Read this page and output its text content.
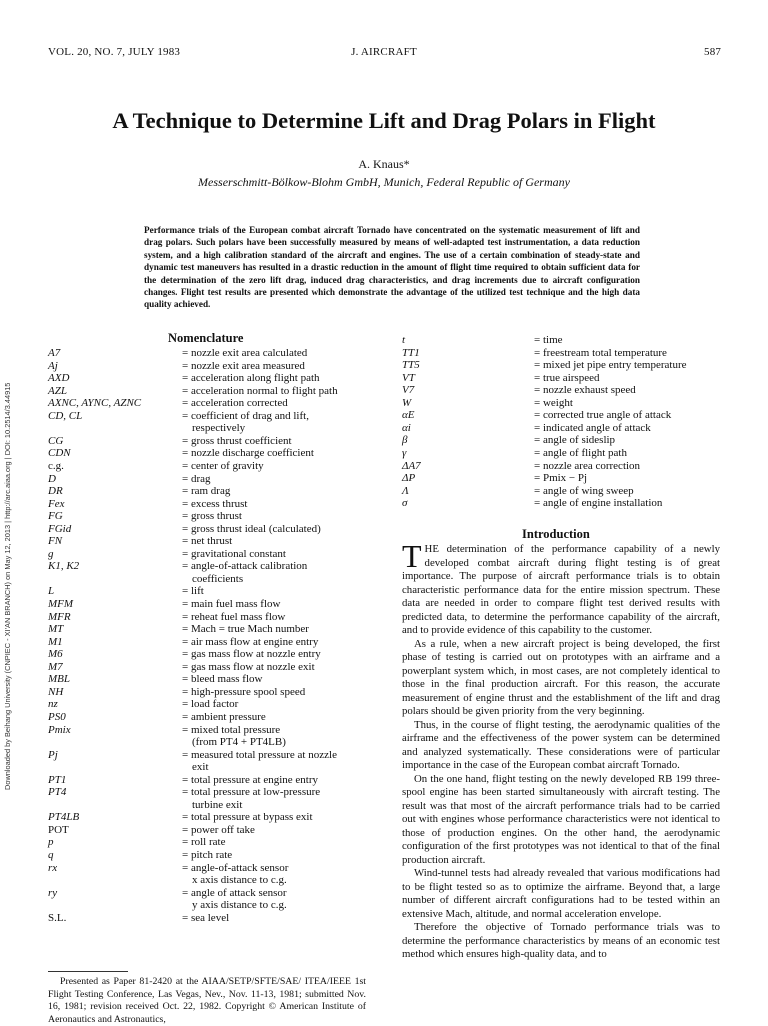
VOL. 20, NO. 7, JULY 1983	J. AIRCRAFT	587
A Technique to Determine Lift and Drag Polars in Flight
A. Knaus*
Messerschmitt-Bölkow-Blohm GmbH, Munich, Federal Republic of Germany
Performance trials of the European combat aircraft Tornado have concentrated on the systematic measurement of lift and drag polars. Such polars have been successfully measured by means of well-adapted test instrumentation, a data reduction system, and a high calibration standard of the aircraft and engines. The use of a certain combination of steady-state and dynamic test maneuvers has resulted in a drastic reduction in the amount of flight time required to obtain sufficient data for the determination of the zero lift drag, induced drag characteristics, and drag increments due to aircraft configuration changes. Flight test results are presented which demonstrate the advantage of the utilized test technique and the high data quality achieved.
Downloaded by Beihang University (CNPIEC - XI'AN BRANCH) on May 12, 2013 | http://arc.aiaa.org | DOI: 10.2514/3.44915
Nomenclature
A7	= nozzle exit area calculated
Aj	= nozzle exit area measured
AXD	= acceleration along flight path
AZL	= acceleration normal to flight path
AXNC, AYNC, AZNC	= acceleration corrected
CD, CL	= coefficient of drag and lift,
respectively
CG	= gross thrust coefficient
CDN	= nozzle discharge coefficient
c.g.	= center of gravity
D	= drag
DR	= ram drag
Fex	= excess thrust
FG	= gross thrust
FGid	= gross thrust ideal (calculated)
FN	= net thrust
g	= gravitational constant
K1, K2	= angle-of-attack calibration
coefficients
L	= lift
MFM	= main fuel mass flow
MFR	= reheat fuel mass flow
MT	= Mach = true Mach number
M1	= air mass flow at engine entry
M6	= gas mass flow at nozzle entry
M7	= gas mass flow at nozzle exit
MBL	= bleed mass flow
NH	= high-pressure spool speed
nz	= load factor
PS0	= ambient pressure
Pmix	= mixed total pressure
(from PT4 + PT4LB)
Pj	= measured total pressure at nozzle
exit
PT1	= total pressure at engine entry
PT4	= total pressure at low-pressure
turbine exit
PT4LB	= total pressure at bypass exit
POT	= power off take
p	= roll rate
q	= pitch rate
rx	= angle-of-attack sensor
x axis distance to c.g.
ry	= angle of attack sensor
y axis distance to c.g.
S.L.	= sea level
t	= time
TT1	= freestream total temperature
TT5	= mixed jet pipe entry temperature
VT	= true airspeed
V7	= nozzle exhaust speed
W	= weight
αE	= corrected true angle of attack
αi	= indicated angle of attack
β	= angle of sideslip
γ	= angle of flight path
ΔA7	= nozzle area correction
ΔP	= Pmix − Pj
Λ	= angle of wing sweep
σ	= angle of engine installation
Introduction

THE determination of the performance capability of a newly developed combat aircraft during flight testing is of great importance. The purpose of aircraft performance trials is to obtain characteristic performance data for the entire mission spectrum. These data are needed in order to compare flight test derived results with predicted data, to determine the performance capability of the aircraft, and to provide evidence of this capability to the customer.

As a rule, when a new aircraft project is being developed, the first phase of testing is carried out on prototypes with an airframe and a powerplant system which, in most cases, are not completely identical to those in the final production aircraft. For this reason, the accurate measurement of engine thrust and the establishment of the lift and drag polars should be given priority from the very beginning.

Thus, in the course of flight testing, the aerodynamic qualities of the airframe and the effectiveness of the power system can be determined and analyzed systematically. These considerations were of particular importance in the case of the European combat aircraft Tornado.

On the one hand, flight testing on the newly developed RB 199 three-spool engine has been started simultaneously with aircraft testing. The result was that most of the aircraft performance trials had to be carried out with engines whose performance characteristics were not identical to those of production engines. On the other hand, the aerodynamic configuration of the first prototypes was not identical to that of the final production aircraft.

Wind-tunnel tests had already revealed that various modifications had to be flight tested so as to optimize the airframe. Beyond that, a large number of different aircraft configurations had to be tested within an extensive Mach, altitude, and normal acceleration envelope.

Therefore the objective of Tornado performance trials was to determine the performance characteristics by means of an economic test method which ensures high-quality data, and to

Presented as Paper 81-2420 at the AIAA/SETP/SFTE/SAE/ ITEA/IEEE 1st Flight Testing Conference, Las Vegas, Nev., Nov. 11-13, 1981; submitted Nov. 16, 1981; revision received Oct. 22, 1982. Copyright © American Institute of Aeronautics and Astronautics,
